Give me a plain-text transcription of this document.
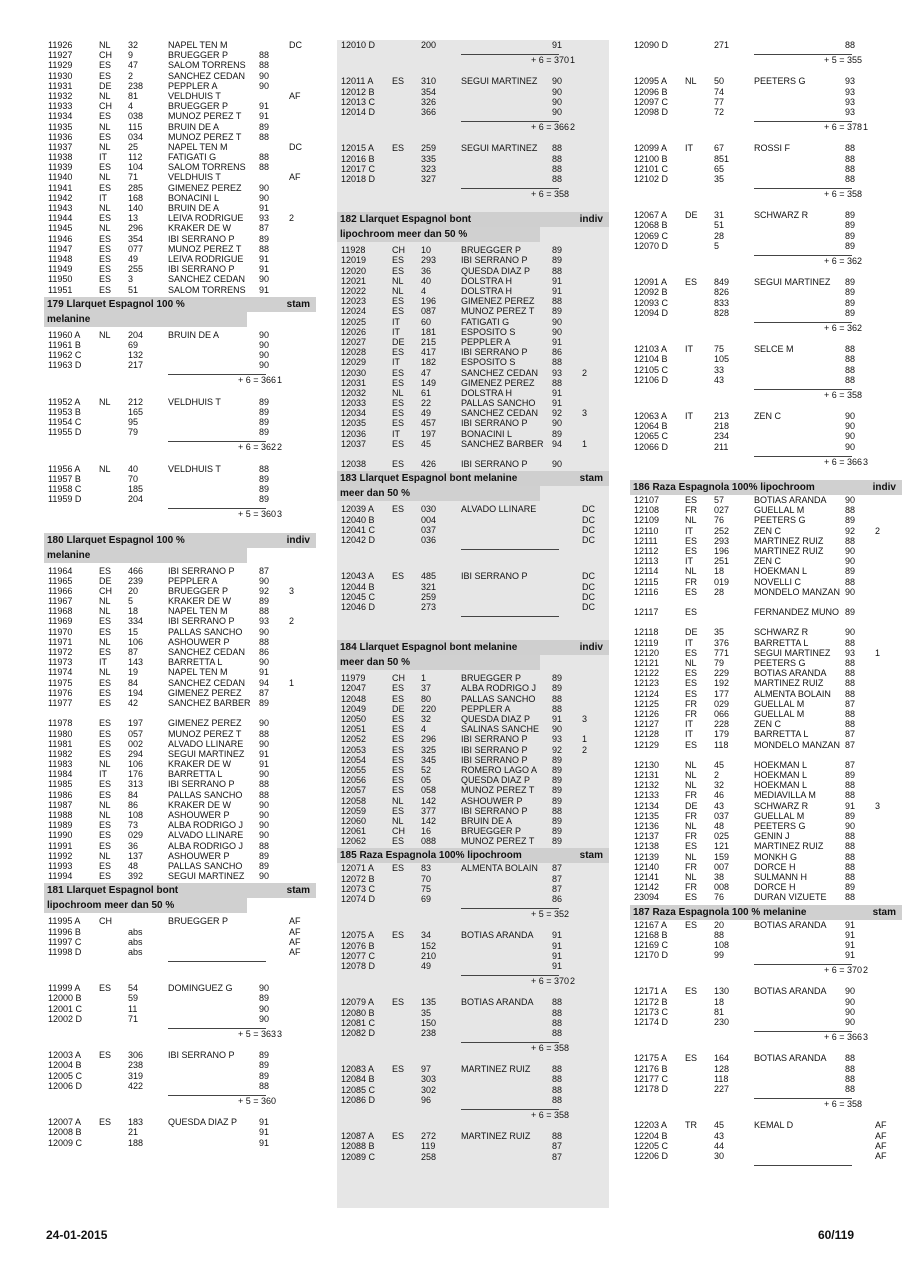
11926	NL 32	NAPEL TEN M	DC
11927	CH 9	BRUEGGER P	88
11929	ES 47	SALOM TORRENS 88
11930	ES 2	SANCHEZ CEDAN 90
11931	DE 238	PEPPLER A	90
11932	NL 81	VELDHUIS T	AF
11933	CH 4	BRUEGGER P	91
11934	ES 038	MUNOZ PEREZ T 91
11935	NL 115	BRUIN DE A	89
11936	ES 034	MUNOZ PEREZ T 88
11937	NL 25	NAPEL TEN M	DC
11938	IT 112	FATIGATI G	88
11939	ES 104	SALOM TORRENS 88
11940	NL 71	VELDHUIS T	AF
11941	ES 285	GIMENEZ PEREZ 90
11942	IT 168	BONACINI L	90
11943	NL 140	BRUIN DE A	91
11944	ES 13	LEIVA RODRIGUE 93 2
11945	NL 296	KRAKER DE W	87
11946	ES 354	IBI SERRANO P	89
11947	ES 077	MUNOZ PEREZ T 88
11948	ES 49	LEIVA RODRIGUE 91
11949	ES 255	IBI SERRANO P	91
11950	ES 3	SANCHEZ CEDAN 90
11951	ES 51	SALOM TORRENS 91
179 Llarquet Espagnol 100 %	stam
melanine
11960 A NL 204	BRUIN DE A	90
11961 B	69	90
11962 C	132	90
11963 D	217	90
+ 6 = 366 1
11952 A NL 212	VELDHUIS T	89
11953 B	165	89
11954 C	95	89
11955 D	79	89
+ 6 = 362 2
11956 A NL 40	VELDHUIS T	88
11957 B	70	89
11958 C	185	89
11959 D	204	89
+ 5 = 360 3
180 Llarquet Espagnol 100 %	indiv
melanine
11964	ES 466	IBI SERRANO P	87
11965	DE 239	PEPPLER A	90
11966	CH 20	BRUEGGER P	92 3
11967	NL 5	KRAKER DE W	89
11968	NL 18	NAPEL TEN M	88
11969	ES 334	IBI SERRANO P	93 2
11970	ES 15	PALLAS SANCHO 90
11971	NL 106	ASHOUWER P	88
11972	ES 87	SANCHEZ CEDAN 86
11973	IT 143	BARRETTA L	90
11974	NL 19	NAPEL TEN M	91
11975	ES 84	SANCHEZ CEDAN 94 1
11976	ES 194	GIMENEZ PEREZ 87
11977	ES 42	SANCHEZ BARBER 89
11978	ES 197	GIMENEZ PEREZ 90
11980	ES 057	MUNOZ PEREZ T 88
11981	ES 002	ALVADO LLINARE 90
11982	ES 294	SEGUI MARTINEZ 91
11983	NL 106	KRAKER DE W	91
11984	IT 176	BARRETTA L	90
11985	ES 313	IBI SERRANO P	88
11986	ES 84	PALLAS SANCHO 88
11987	NL 86	KRAKER DE W	90
11988	NL 108	ASHOUWER P	90
11989	ES 73	ALBA RODRIGO J 90
11990	ES 029	ALVADO LLINARE 90
11991	ES 36	ALBA RODRIGO J 88
11992	NL 137	ASHOUWER P	89
11993	ES 48	PALLAS SANCHO 89
11994	ES 392	SEGUI MARTINEZ 90
181 Llarquet Espagnol bont	stam
lipochroom meer dan 50 %
11995 A CH	BRUEGGER P	AF
11996 B	abs	AF
11997 C	abs	AF
11998 D	abs	AF
11999 A ES 54	DOMINGUEZ G	90
12000 B	59	89
12001 C	11	90
12002 D	71	90
+ 5 = 363 3
12003 A ES 306	IBI SERRANO P	89
12004 B	238	89
12005 C	319	89
12006 D	422	88
+ 5 = 360
12007 A ES 183	QUESDA DIAZ P 91
12008 B	21	91
12009 C	188	91
12010 D	200	91
+ 6 = 370 1
12011 A ES 310	SEGUI MARTINEZ 90
12012 B	354	90
12013 C	326	90
12014 D	366	90
+ 6 = 366 2
12015 A ES 259	SEGUI MARTINEZ 88
12016 B	335	88
12017 C	323	88
12018 D	327	88
+ 6 = 358
182 Llarquet Espagnol bont	indiv
lipochroom meer dan 50 %
11928	CH 10	BRUEGGER P	89
12019	ES 293	IBI SERRANO P	89
12020	ES 36	QUESDA DIAZ P 88
12021	NL 40	DOLSTRA H	91
12022	NL 4	DOLSTRA H	91
12023	ES 196	GIMENEZ PEREZ 88
12024	ES 087	MUNOZ PEREZ T 89
12025	IT 60	FATIGATI G	90
12026	IT 181	ESPOSITO S	90
12027	DE 215	PEPPLER A	91
12028	ES 417	IBI SERRANO P	86
12029	IT 182	ESPOSITO S	88
12030	ES 47	SANCHEZ CEDAN 93 2
12031	ES 149	GIMENEZ PEREZ 88
12032	NL 61	DOLSTRA H	91
12033	ES 22	PALLAS SANCHO 91
12034	ES 49	SANCHEZ CEDAN 92 3
12035	ES 457	IBI SERRANO P	90
12036	IT 197	BONACINI L	89
12037	ES 45	SANCHEZ BARBER 94 1
12038	ES 426	IBI SERRANO P	90
183 Llarquet Espagnol bont melanine	stam
meer dan 50 %
12039 A ES 030	ALVADO LLINARE	DC
12040 B	004	DC
12041 C	037	DC
12042 D	036	DC
12043 A ES 485	IBI SERRANO P	DC
12044 B	321	DC
12045 C	259	DC
12046 D	273	DC
184 Llarquet Espagnol bont melanine	indiv
meer dan 50 %
11979	CH 1	BRUEGGER P	89
12047	ES 37	ALBA RODRIGO J 89
12048	ES 80	PALLAS SANCHO 88
12049	DE 220	PEPPLER A	88
12050	ES 32	QUESDA DIAZ P 91 3
12051	ES 4	SALINAS SANCHE 90
12052	ES 296	IBI SERRANO P	93 1
12053	ES 325	IBI SERRANO P	92 2
12054	ES 345	IBI SERRANO P	89
12055	ES 52	ROMERO LAGO A 89
12056	ES 05	QUESDA DIAZ P 89
12057	ES 058	MUNOZ PEREZ T 89
12058	NL 142	ASHOUWER P	89
12059	ES 377	IBI SERRANO P	88
12060	NL 142	BRUIN DE A	89
12061	CH 16	BRUEGGER P	89
12062	ES 088	MUNOZ PEREZ T 89
185 Raza Espagnola 100% lipochroom	stam
12071 A ES 83	ALMENTA BOLAIN 87
12072 B	70	87
12073 C	75	87
12074 D	69	86
+ 5 = 352
12075 A ES 34	BOTIAS ARANDA 91
12076 B	152	91
12077 C	210	91
12078 D	49	91
+ 6 = 370 2
12079 A ES 135	BOTIAS ARANDA 88
12080 B	35	88
12081 C	150	88
12082 D	238	88
+ 6 = 358
12083 A ES 97	MARTINEZ RUIZ 88
12084 B	303	88
12085 C	302	88
12086 D	96	88
+ 6 = 358
12087 A ES 272	MARTINEZ RUIZ 88
12088 B	119	87
12089 C	258	87
12090 D	271	88
+ 5 = 355
12095 A NL 50	PEETERS G	93
12096 B	74	93
12097 C	77	93
12098 D	72	93
+ 6 = 378 1
12099 A IT 67	ROSSI F	88
12100 B	851	88
12101 C	65	88
12102 D	35	88
+ 6 = 358
12067 A DE 31	SCHWARZ R	89
12068 B	51	89
12069 C	28	89
12070 D	5	89
+ 6 = 362
12091 A ES 849	SEGUI MARTINEZ 89
12092 B	826	89
12093 C	833	89
12094 D	828	89
+ 6 = 362
12103 A IT 75	SELCE M	88
12104 B	105	88
12105 C	33	88
12106 D	43	88
+ 6 = 358
12063 A IT 213	ZEN C	90
12064 B	218	90
12065 C	234	90
12066 D	211	90
+ 6 = 366 3
186 Raza Espagnola 100% lipochroom	indiv
12107	ES 57	BOTIAS ARANDA 90
12108	FR 027	GUELLAL M	88
12109	NL 76	PEETERS G	89
12110	IT 252	ZEN C	92 2
12111	ES 293	MARTINEZ RUIZ 88
12112	ES 196	MARTINEZ RUIZ 90
12113	IT 251	ZEN C	90
12114	NL 18	HOEKMAN L	89
12115	FR 019	NOVELLI C	88
12116	ES 28	MONDELO MANZAN 90
12117	ES	FERNANDEZ MUNO 89
12118	DE 35	SCHWARZ R	90
12119	IT 376	BARRETTA L	88
12120	ES 771	SEGUI MARTINEZ 93 1
12121	NL 79	PEETERS G	88
12122	ES 229	BOTIAS ARANDA 88
12123	ES 192	MARTINEZ RUIZ 88
12124	ES 177	ALMENTA BOLAIN 88
12125	FR 029	GUELLAL M	87
12126	FR 066	GUELLAL M	88
12127	IT 228	ZEN C	88
12128	IT 179	BARRETTA L	87
12129	ES 118	MONDELO MANZAN 87
12130	NL 45	HOEKMAN L	87
12131	NL 2	HOEKMAN L	89
12132	NL 32	HOEKMAN L	88
12133	FR 46	MEDIAVILLA M	88
12134	DE 43	SCHWARZ R	91 3
12135	FR 037	GUELLAL M	89
12136	NL 48	PEETERS G	90
12137	FR 025	GENIN J	88
12138	ES 121	MARTINEZ RUIZ 88
12139	NL 159	MONKH G	88
12140	FR 007	DORCE H	88
12141	NL 38	SULMANN H	88
12142	FR 008	DORCE H	89
23094	ES 76	DURAN VIZUETE 88
187 Raza Espagnola 100 % melanine	stam
12167 A ES 20	BOTIAS ARANDA 91
12168 B	88	91
12169 C	108	91
12170 D	99	91
+ 6 = 370 2
12171 A ES 130	BOTIAS ARANDA 90
12172 B	18	90
12173 C	81	90
12174 D	230	90
+ 6 = 366 3
12175 A ES 164	BOTIAS ARANDA 88
12176 B	128	88
12177 C	118	88
12178 D	227	88
+ 6 = 358
12203 A TR 45	KEMAL D	AF
12204 B	43	AF
12205 C	44	AF
12206 D	30	AF
24-01-2015	60/119
